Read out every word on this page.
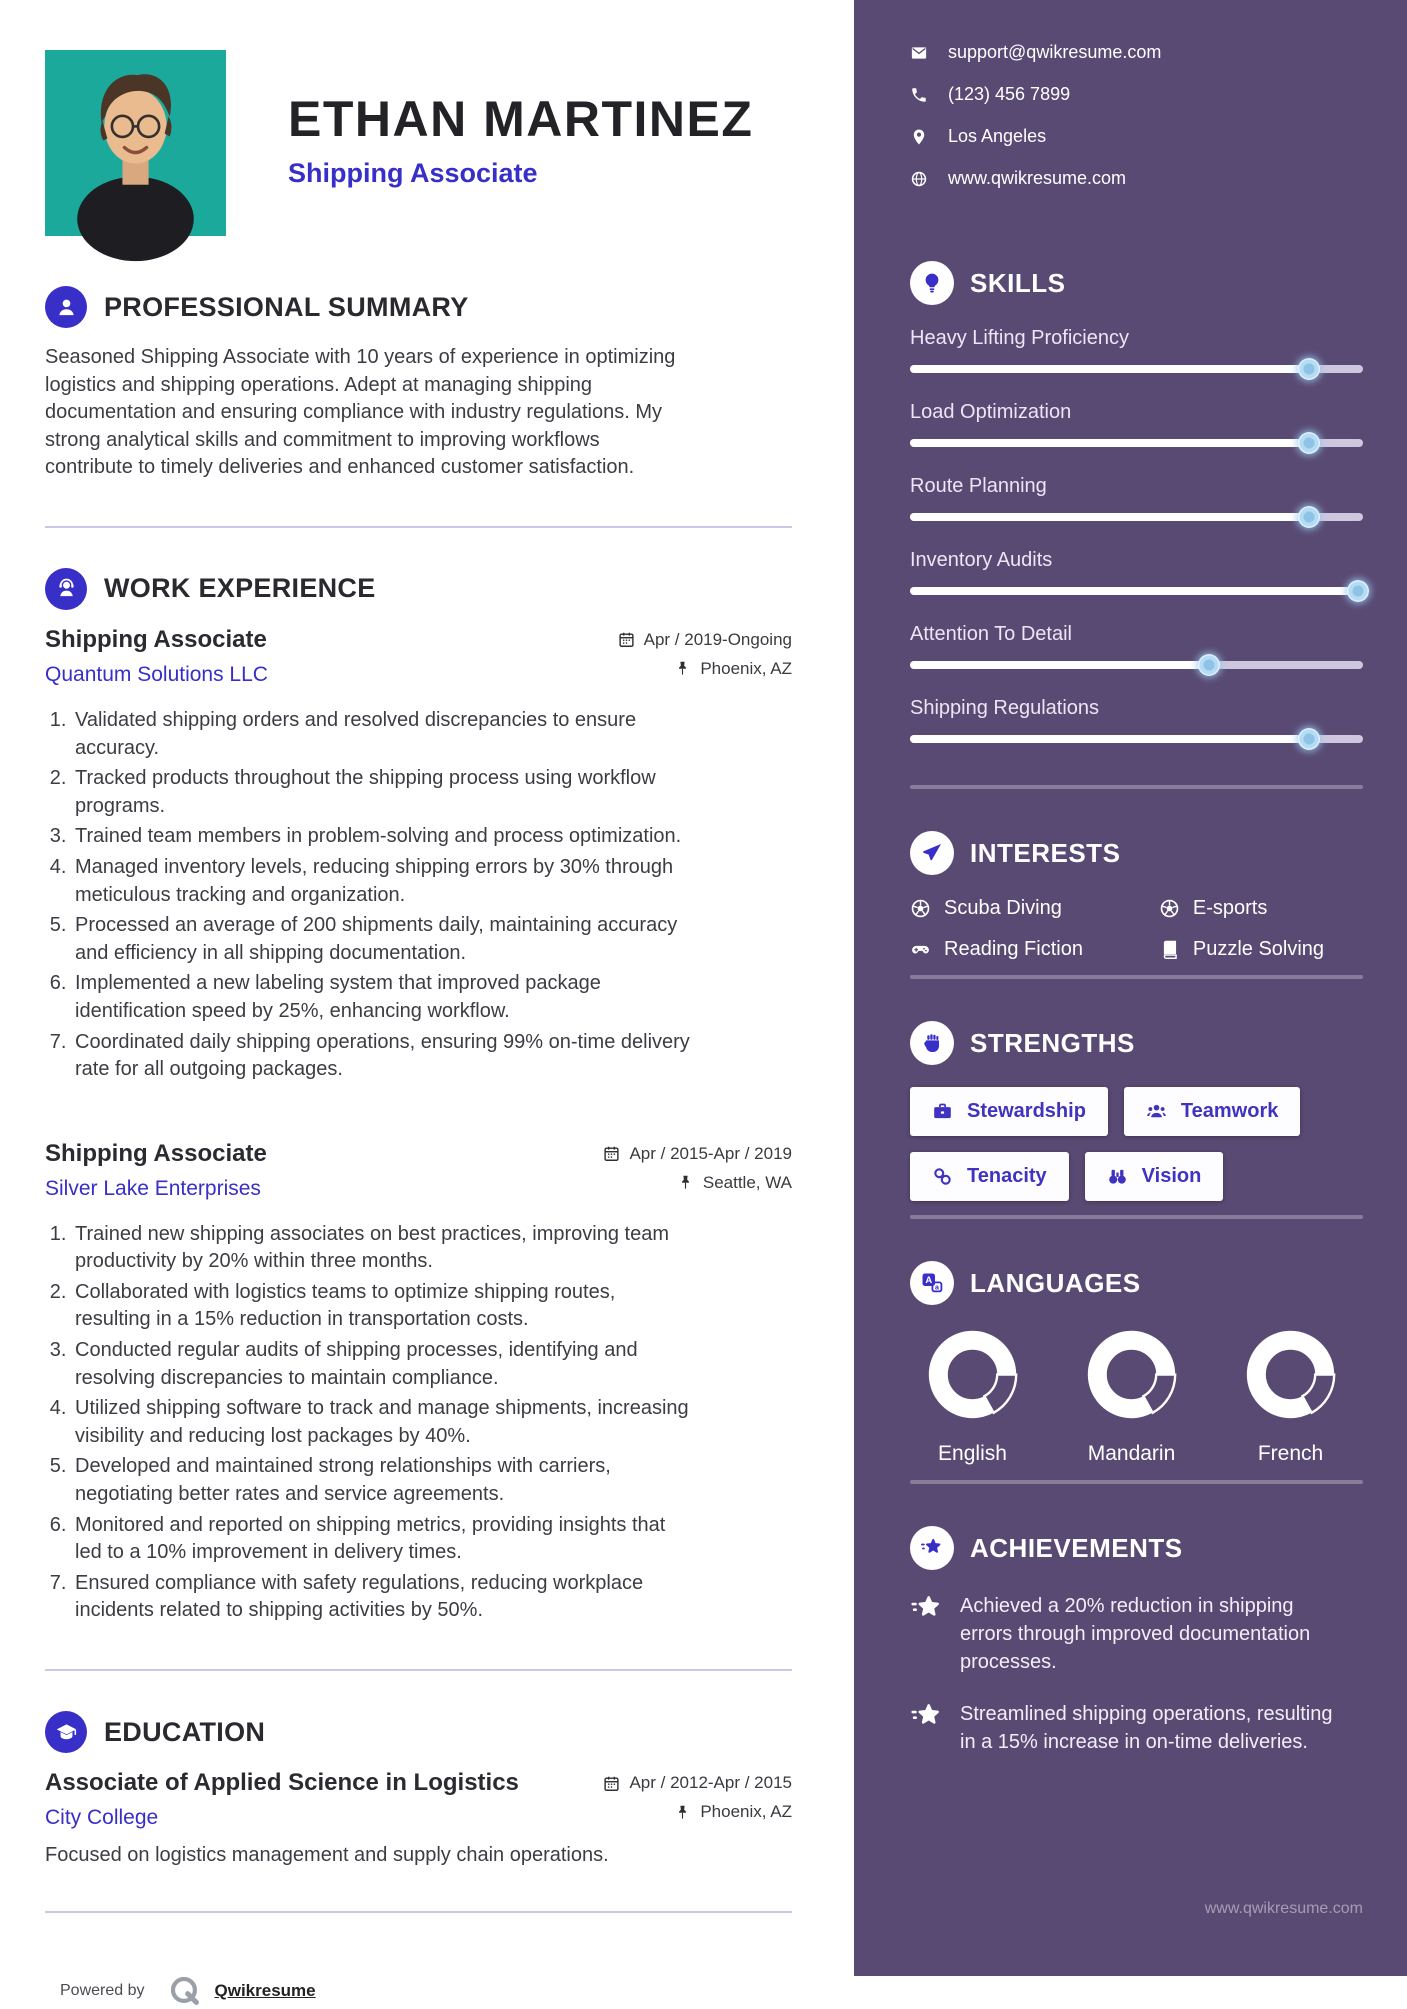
ETHAN MARTINEZ
Shipping Associate
PROFESSIONAL SUMMARY

Seasoned Shipping Associate with 10 years of experience in optimizing logistics and shipping operations. Adept at managing shipping documentation and ensuring compliance with industry regulations. My strong analytical skills and commitment to improving workflows contribute to timely deliveries and enhanced customer satisfaction.

WORK EXPERIENCE
Shipping Associate
Quantum Solutions LLC
Apr / 2019-Ongoing
Phoenix, AZ
1. Validated shipping orders and resolved discrepancies to ensure accuracy.
2. Tracked products throughout the shipping process using workflow programs.
3. Trained team members in problem-solving and process optimization.
4. Managed inventory levels, reducing shipping errors by 30% through meticulous tracking and organization.
5. Processed an average of 200 shipments daily, maintaining accuracy and efficiency in all shipping documentation.
6. Implemented a new labeling system that improved package identification speed by 25%, enhancing workflow.
7. Coordinated daily shipping operations, ensuring 99% on-time delivery rate for all outgoing packages.
Shipping Associate
Silver Lake Enterprises
Apr / 2015-Apr / 2019
Seattle, WA
1. Trained new shipping associates on best practices, improving team productivity by 20% within three months.
2. Collaborated with logistics teams to optimize shipping routes, resulting in a 15% reduction in transportation costs.
3. Conducted regular audits of shipping processes, identifying and resolving discrepancies to maintain compliance.
4. Utilized shipping software to track and manage shipments, increasing visibility and reducing lost packages by 40%.
5. Developed and maintained strong relationships with carriers, negotiating better rates and service agreements.
6. Monitored and reported on shipping metrics, providing insights that led to a 10% improvement in delivery times.
7. Ensured compliance with safety regulations, reducing workplace incidents related to shipping activities by 50%.
EDUCATION
Associate of Applied Science in Logistics
City College
Apr / 2012-Apr / 2015
Phoenix, AZ

Focused on logistics management and supply chain operations.

Powered by	Qwikresume
support@qwikresume.com
(123) 456 7899
Los Angeles
www.qwikresume.com
SKILLS
Heavy Lifting Proficiency
Load Optimization
Route Planning
Inventory Audits
Attention To Detail
Shipping Regulations
INTERESTS
Scuba Diving	E-sports
Reading Fiction	Puzzle Solving
STRENGTHS
Stewardship	Teamwork
Tenacity	Vision
A
a LANGUAGES
English	Mandarin	French
ACHIEVEMENTS

Achieved a 20% reduction in shipping errors through improved documentation processes.

Streamlined shipping operations, resulting in a 15% increase in on-time deliveries.

www.qwikresume.com
